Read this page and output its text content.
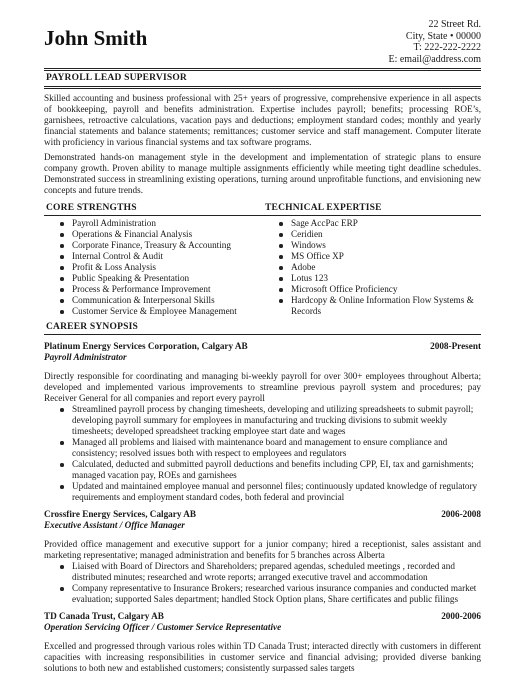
John Smith
22 Street Rd.
City, State • 00000
T: 222-222-2222
E: email@address.com
PAYROLL LEAD SUPERVISOR

Skilled accounting and business professional with 25+ years of progressive, comprehensive experience in all aspects of bookkeeping, payroll and benefits administration. Expertise includes payroll; benefits; processing ROE’s, garnishees, retroactive calculations, vacation pays and deductions; employment standard codes; monthly and yearly financial statements and balance statements; remittances; customer service and staff management. Computer literate with proficiency in various financial systems and tax software programs.

Demonstrated hands-on management style in the development and implementation of strategic plans to ensure company growth. Proven ability to manage multiple assignments efficiently while meeting tight deadline schedules. Demonstrated success in streamlining existing operations, turning around unprofitable functions, and envisioning new concepts and future trends.

CORE STRENGTHS	TECHNICAL EXPERTISE
Payroll Administration
Operations & Financial Analysis
Corporate Finance, Treasury & Accounting
Internal Control & Audit
Profit & Loss Analysis
Public Speaking & Presentation
Process & Performance Improvement
Communication & Interpersonal Skills
Customer Service & Employee Management
Sage AccPac ERP
Ceridien
Windows
MS Office XP
Adobe
Lotus 123
Microsoft Office Proficiency
Hardcopy & Online Information Flow Systems & Records
CAREER SYNOPSIS
Platinum Energy Services Corporation, Calgary AB	2008-Present
Payroll Administrator

Directly responsible for coordinating and managing bi-weekly payroll for over 300+ employees throughout Alberta; developed and implemented various improvements to streamline previous payroll system and procedures; pay Receiver General for all companies and report every payroll

Streamlined payroll process by changing timesheets, developing and utilizing spreadsheets to submit payroll; developing payroll summary for employees in manufacturing and trucking divisions to submit weekly timesheets; developed spreadsheet tracking employee start date and wages
Managed all problems and liaised with maintenance board and management to ensure compliance and consistency; resolved issues both with respect to employees and regulators
Calculated, deducted and submitted payroll deductions and benefits including CPP, EI, tax and garnishments; managed vacation pay, ROEs and garnishees
Updated and maintained employee manual and personnel files; continuously updated knowledge of regulatory requirements and employment standard codes, both federal and provincial
Crossfire Energy Services, Calgary AB	2006-2008
Executive Assistant / Office Manager

Provided office management and executive support for a junior company; hired a receptionist, sales assistant and marketing representative; managed administration and benefits for 5 branches across Alberta

Liaised with Board of Directors and Shareholders; prepared agendas, scheduled meetings , recorded and distributed minutes; researched and wrote reports; arranged executive travel and accommodation
Company representative to Insurance Brokers; researched various insurance companies and conducted market evaluation; supported Sales department; handled Stock Option plans, Share certificates and public filings
TD Canada Trust, Calgary AB	2000-2006
Operation Servicing Officer / Customer Service Representative

Excelled and progressed through various roles within TD Canada Trust; interacted directly with customers in different capacities with increasing responsibilities in customer service and financial advising; provided diverse banking solutions to both new and established customers; consistently surpassed sales targets
